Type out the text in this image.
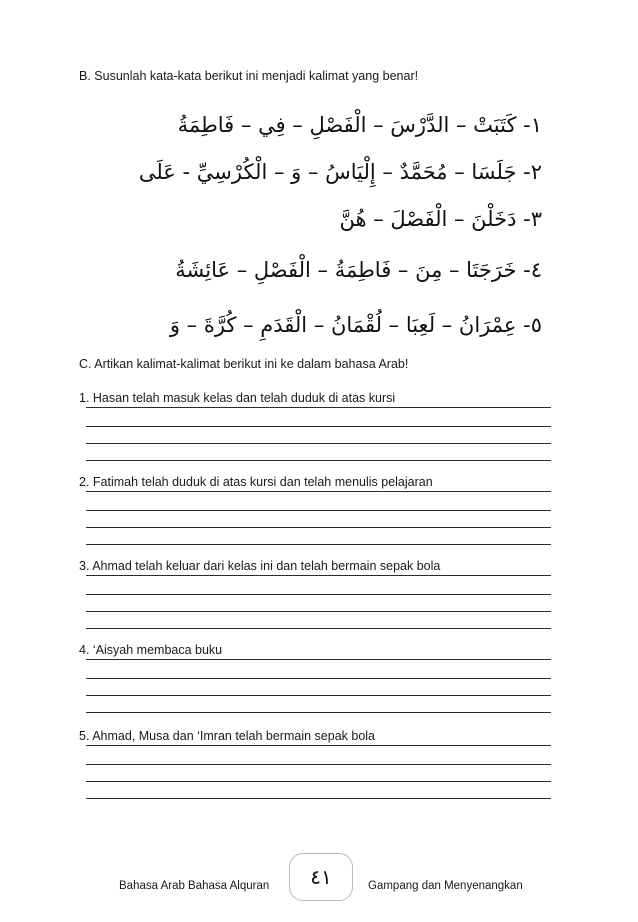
B. Susunlah kata-kata berikut ini menjadi kalimat yang benar!
١- كَتَبَتْ – الدَّرْسَ – الْفَصْلِ – فِي – فَاطِمَةُ
٢- جَلَسَا – مُحَمَّدٌ – إِلْيَاسُ – وَ – الْكُرْسِيِّ - عَلَى
٣- دَخَلْنَ – الْفَصْلَ – هُنَّ
٤- خَرَجَتَا – مِنَ – فَاطِمَةُ – الْفَصْلِ – عَائِشَةُ
٥- عِمْرَانُ – لَعِبَا – لُقْمَانُ – الْقَدَمِ – كُرَّةَ – وَ
C. Artikan kalimat-kalimat berikut ini ke dalam bahasa Arab!
1. Hasan telah masuk kelas dan telah duduk di atas kursi
2. Fatimah telah duduk di atas kursi dan telah menulis pelajaran
3. Ahmad telah keluar dari kelas ini dan telah bermain sepak bola
4. ‘Aisyah membaca buku
5. Ahmad, Musa dan ‘Imran telah bermain sepak bola
Bahasa Arab Bahasa Alquran ٤١	Gampang dan Menyenangkan
